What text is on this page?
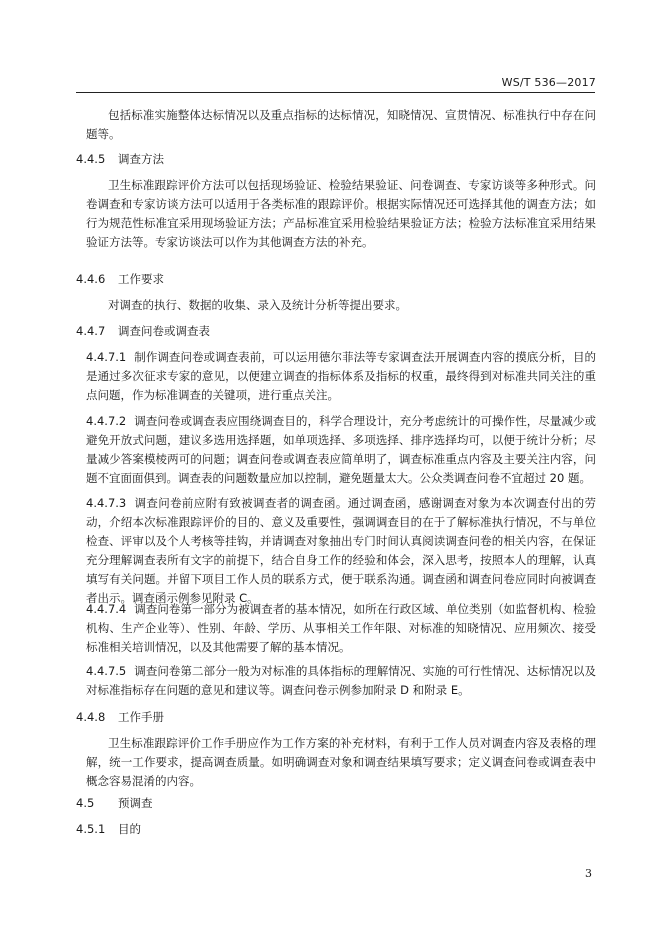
WS/T 536—2017

包括标准实施整体达标情况以及重点指标的达标情况，知晓情况、宣贯情况、标准执行中存在问题等。

4.4.5 调查方法

卫生标准跟踪评价方法可以包括现场验证、检验结果验证、问卷调查、专家访谈等多种形式。问卷调查和专家访谈方法可以适用于各类标准的跟踪评价。根据实际情况还可选择其他的调查方法；如行为规范性标准宜采用现场验证方法；产品标准宜采用检验结果验证方法；检验方法标准宜采用结果验证方法等。专家访谈法可以作为其他调查方法的补充。

4.4.6 工作要求

对调查的执行、数据的收集、录入及统计分析等提出要求。

4.4.7 调查问卷或调查表

4.4.7.1 制作调查问卷或调查表前，可以运用德尔菲法等专家调查法开展调查内容的摸底分析，目的是通过多次征求专家的意见，以便建立调查的指标体系及指标的权重，最终得到对标准共同关注的重点问题，作为标准调查的关键项，进行重点关注。

4.4.7.2 调查问卷或调查表应围绕调查目的，科学合理设计，充分考虑统计的可操作性，尽量减少或避免开放式问题，建议多选用选择题，如单项选择、多项选择、排序选择均可，以便于统计分析；尽量减少答案模棱两可的问题；调查问卷或调查表应简单明了，调查标准重点内容及主要关注内容，问题不宜面面俱到。调查表的问题数量应加以控制，避免题量太大。公众类调查问卷不宜超过 20 题。

4.4.7.3 调查问卷前应附有致被调查者的调查函。通过调查函，感谢调查对象为本次调查付出的劳动，介绍本次标准跟踪评价的目的、意义及重要性，强调调查目的在于了解标准执行情况，不与单位检查、评审以及个人考核等挂钩，并请调查对象抽出专门时间认真阅读调查问卷的相关内容，在保证充分理解调查表所有文字的前提下，结合自身工作的经验和体会，深入思考，按照本人的理解，认真填写有关问题。并留下项目工作人员的联系方式，便于联系沟通。调查函和调查问卷应同时向被调查者出示。调查函示例参见附录 C。

4.4.7.4 调查问卷第一部分为被调查者的基本情况，如所在行政区域、单位类别（如监督机构、检验机构、生产企业等）、性别、年龄、学历、从事相关工作年限、对标准的知晓情况、应用频次、接受标准相关培训情况，以及其他需要了解的基本情况。

4.4.7.5 调查问卷第二部分一般为对标准的具体指标的理解情况、实施的可行性情况、达标情况以及对标准指标存在问题的意见和建议等。调查问卷示例参加附录 D 和附录 E。

4.4.8 工作手册

卫生标准跟踪评价工作手册应作为工作方案的补充材料，有利于工作人员对调查内容及表格的理解，统一工作要求，提高调查质量。如明确调查对象和调查结果填写要求；定义调查问卷或调查表中概念容易混淆的内容。

4.5 预调查

4.5.1 目的

3
